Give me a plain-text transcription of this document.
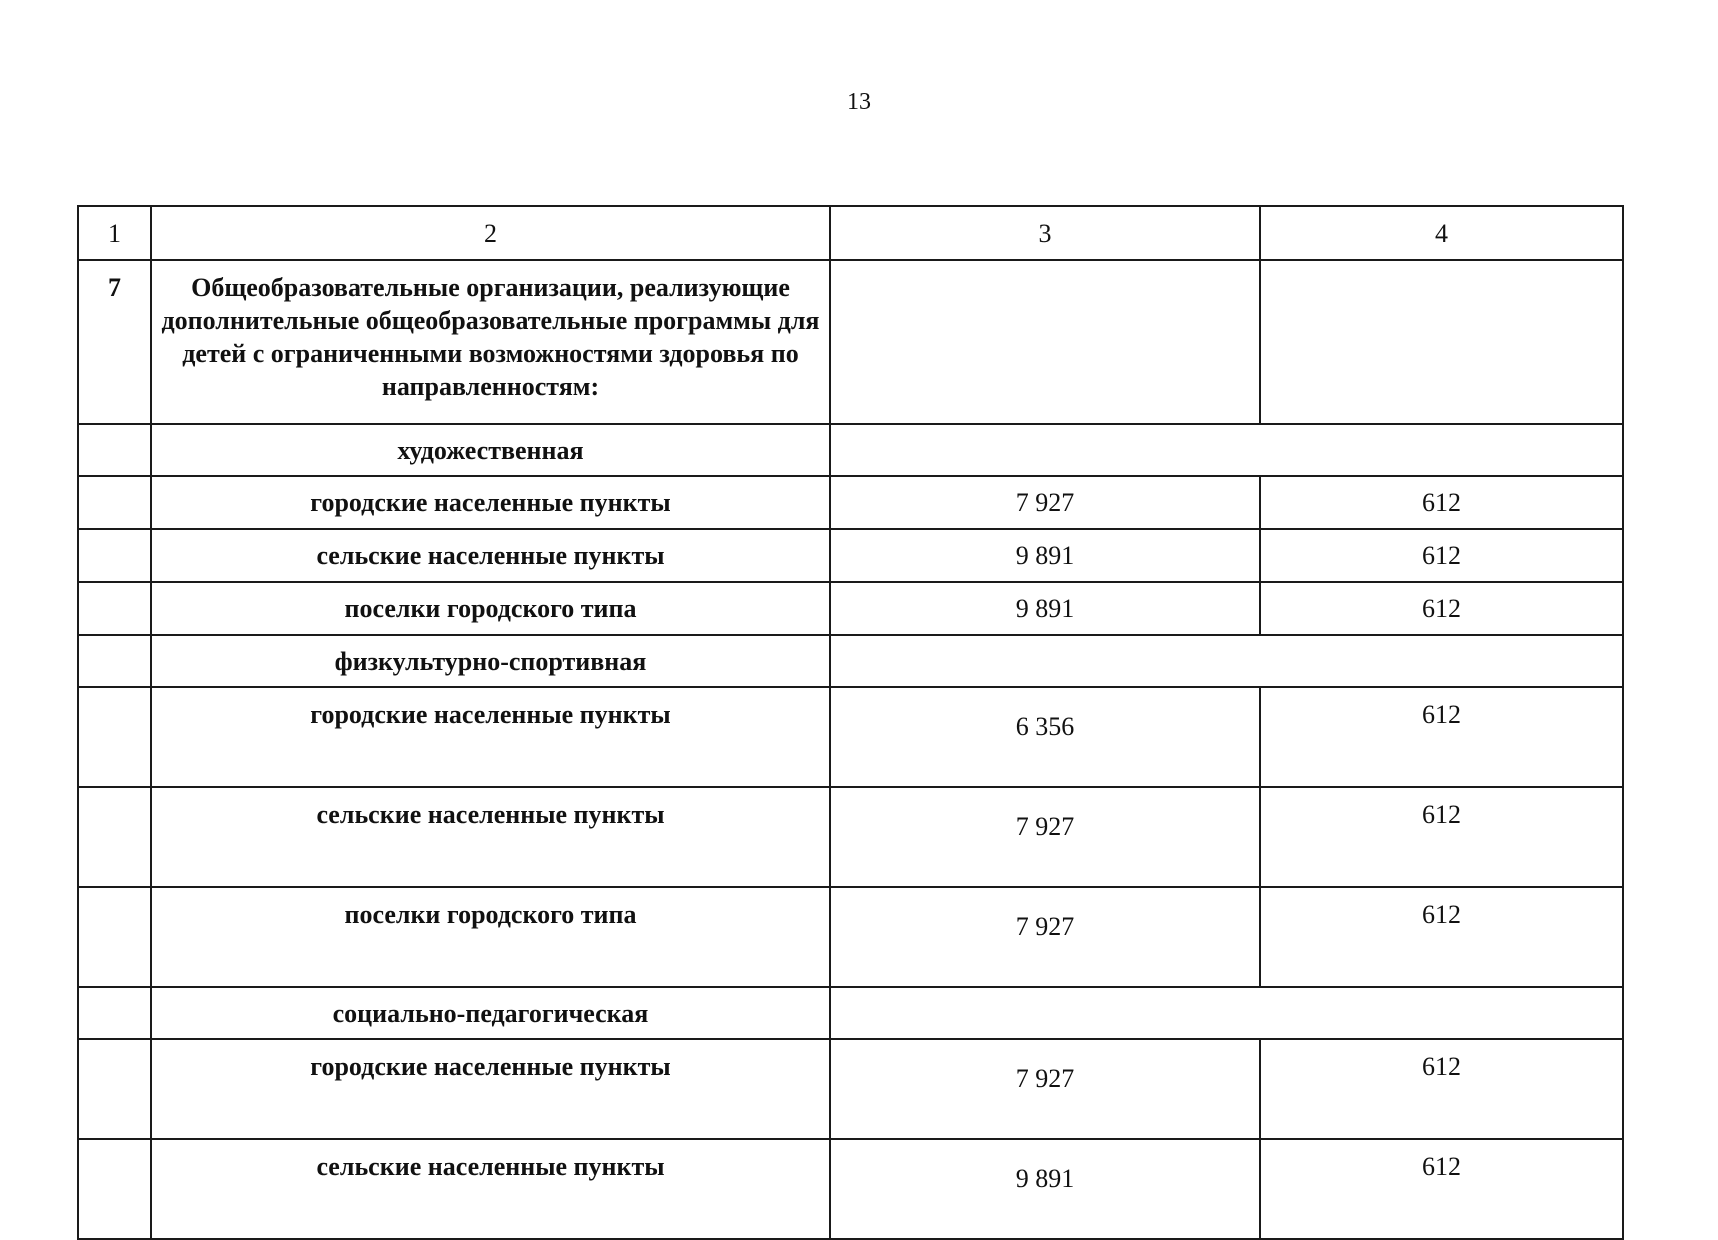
13
1	2	3	4
7	Общеобразовательные организации, реализующие дополнительные общеобразовательные программы для детей с ограниченными возможностями здоровья по направленностям:		
	художественная		
	городские населенные пункты	7 927	612
	сельские населенные пункты	9 891	612
	поселки городского типа	9 891	612
	физкультурно-спортивная		
	городские населенные пункты	6 356	612
	сельские населенные пункты	7 927	612
	поселки городского типа	7 927	612
	социально-педагогическая		
	городские населенные пункты	7 927	612
	сельские населенные пункты	9 891	612
